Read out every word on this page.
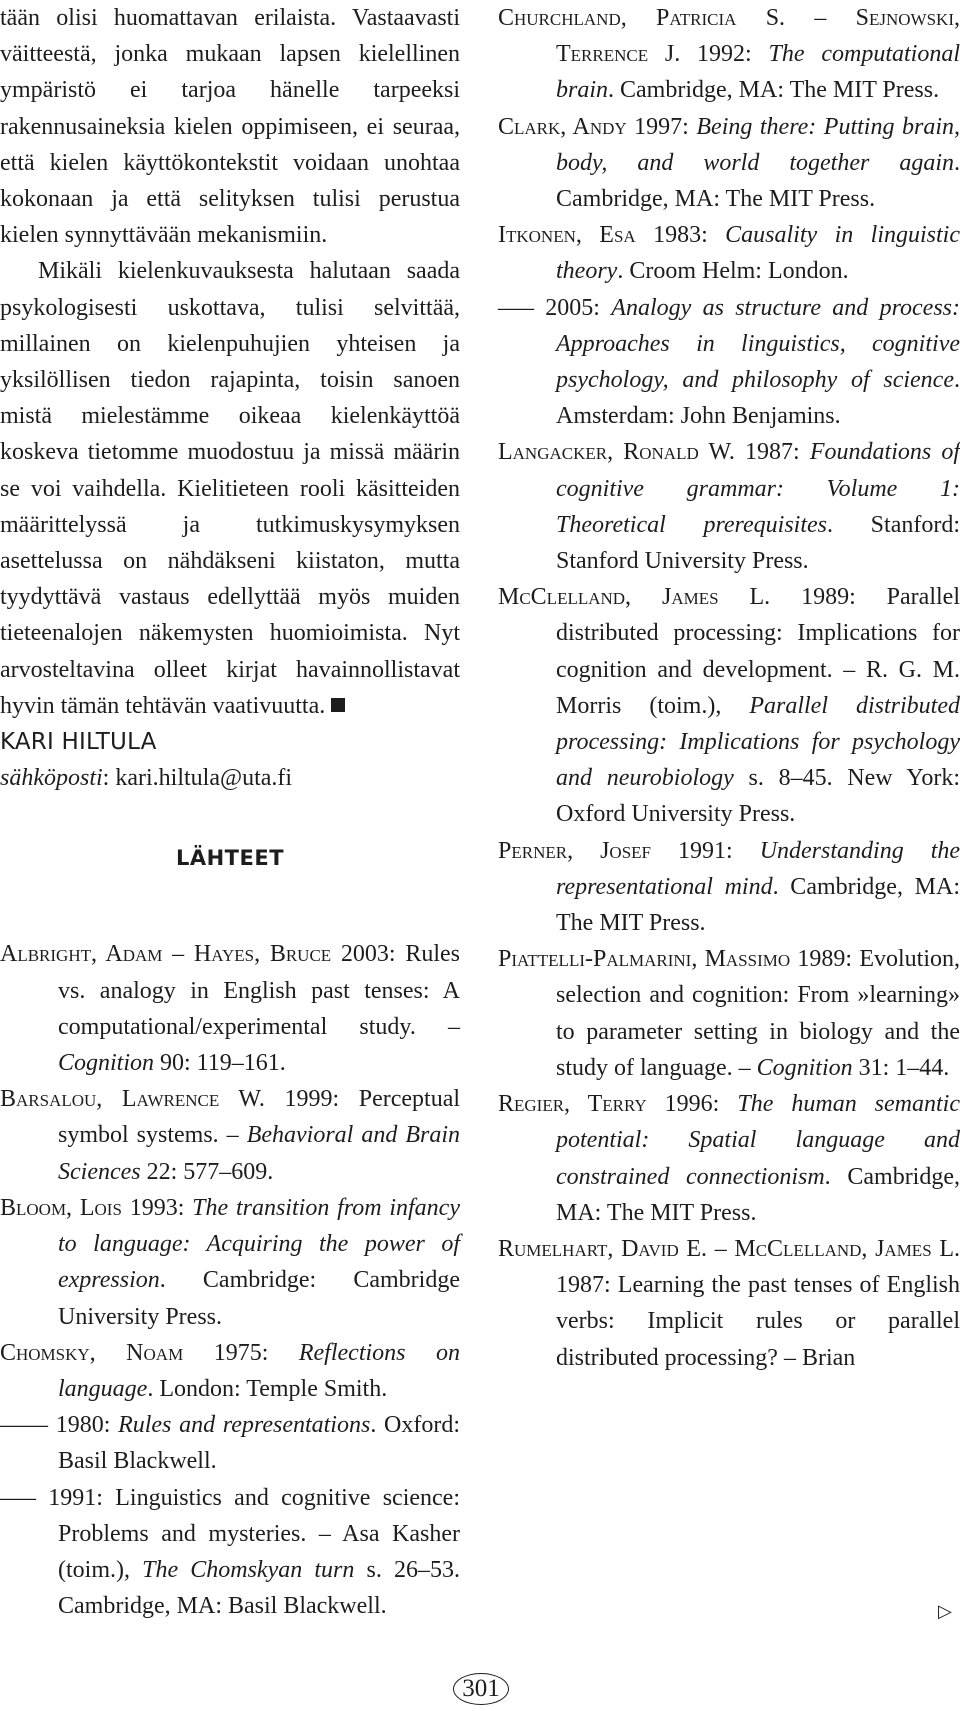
tään olisi huomattavan erilaista. Vastaavasti väitteestä, jonka mukaan lapsen kielellinen ympäristö ei tarjoa hänelle tarpeeksi rakennusaineksia kielen oppimiseen, ei seuraa, että kielen käyttökontekstit voidaan unohtaa kokonaan ja että selityksen tulisi perustua kielen synnyttävään mekanismiin.

Mikäli kielenkuvauksesta halutaan saada psykologisesti uskottava, tulisi selvittää, millainen on kielenpuhujien yhteisen ja yksilöllisen tiedon rajapinta, toisin sanoen mistä mielestämme oikeaa kielenkäyttöä koskeva tietomme muodostuu ja missä määrin se voi vaihdella. Kielitieteen rooli käsitteiden määrittelyssä ja tutkimuskysymyksen asettelussa on nähdäkseni kiistaton, mutta tyydyttävä vastaus edellyttää myös muiden tieteenalojen näkemysten huomioimista. Nyt arvosteltavina olleet kirjat havainnollistavat hyvin tämän tehtävän vaativuutta.

KARI HILTULA

sähköposti: kari.hiltula@uta.fi

LÄHTEET

Albright, Adam – Hayes, Bruce 2003: Rules vs. analogy in English past tenses: A computational/experimental study. – Cognition 90: 119–161.

Barsalou, Lawrence W. 1999: Perceptual symbol systems. – Behavioral and Brain Sciences 22: 577–609.

Bloom, Lois 1993: The transition from infancy to language: Acquiring the power of expression. Cambridge: Cambridge University Press.

Chomsky, Noam 1975: Reflections on language. London: Temple Smith.

—— 1980: Rules and representations. Oxford: Basil Blackwell.

––– 1991: Linguistics and cognitive science: Problems and mysteries. – Asa Kasher (toim.), The Chomskyan turn s. 26–53. Cambridge, MA: Basil Blackwell.

Churchland, Patricia S. – Sejnowski, Terrence J. 1992: The computational brain. Cambridge, MA: The MIT Press.

Clark, Andy 1997: Being there: Putting brain, body, and world together again. Cambridge, MA: The MIT Press.

Itkonen, Esa 1983: Causality in linguistic theory. Croom Helm: London.

––– 2005: Analogy as structure and process: Approaches in linguistics, cognitive psychology, and philosophy of science. Amsterdam: John Benjamins.

Langacker, Ronald W. 1987: Foundations of cognitive grammar: Volume 1: Theoretical prerequisites. Stanford: Stanford University Press.

McClelland, James L. 1989: Parallel distributed processing: Implications for cognition and development. – R. G. M. Morris (toim.), Parallel distributed processing: Implications for psychology and neurobiology s. 8–45. New York: Oxford University Press.

Perner, Josef 1991: Understanding the representational mind. Cambridge, MA: The MIT Press.

Piattelli-Palmarini, Massimo 1989: Evolution, selection and cognition: From »learning» to parameter setting in biology and the study of language. – Cognition 31: 1–44.

Regier, Terry 1996: The human semantic potential: Spatial language and constrained connectionism. Cambridge, MA: The MIT Press.

Rumelhart, David E. – McClelland, James L. 1987: Learning the past tenses of English verbs: Implicit rules or parallel distributed processing? – Brian

▷
301
